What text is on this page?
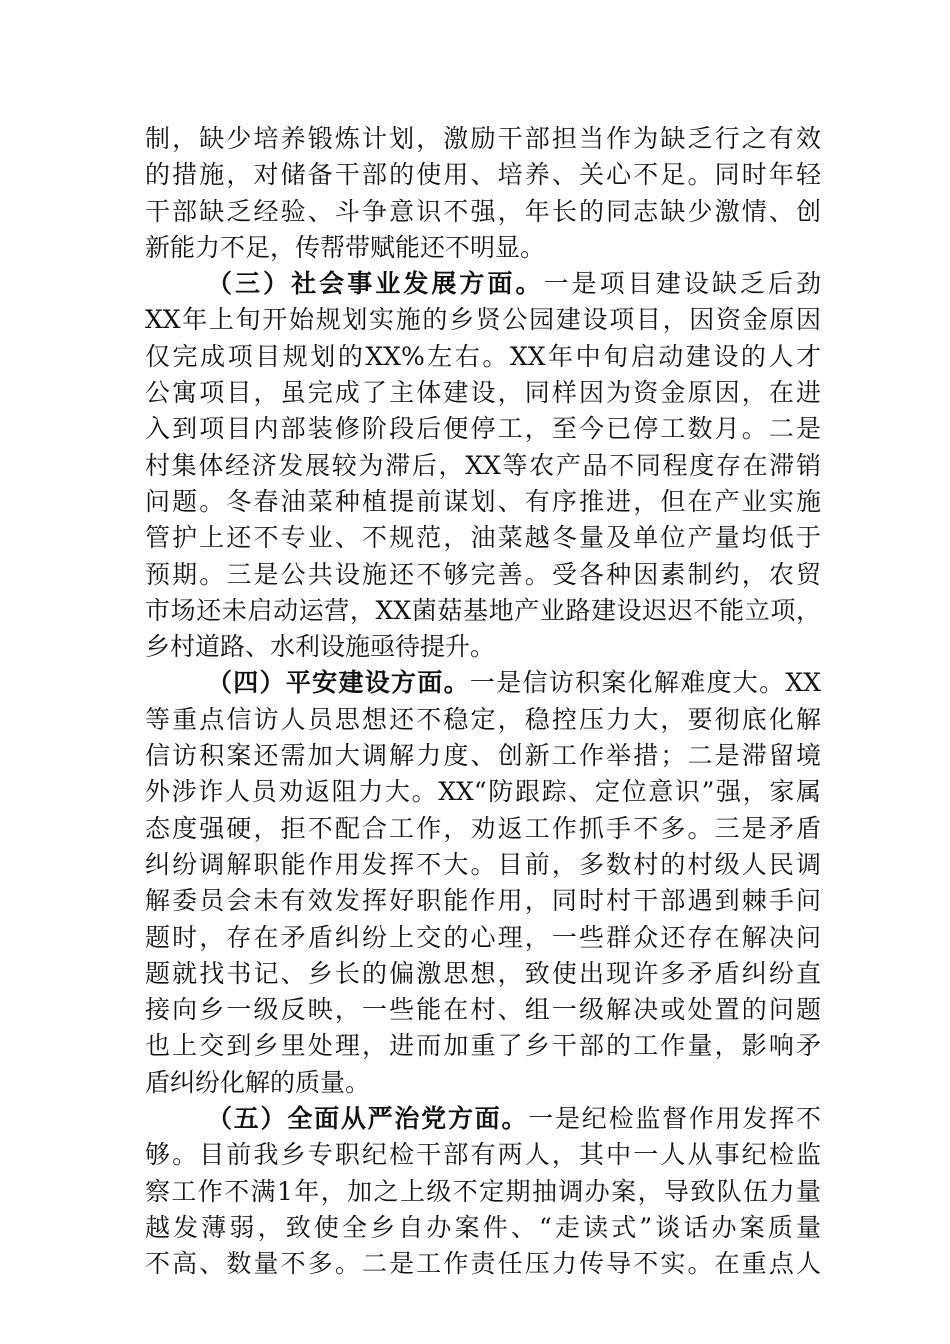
制，缺少培养锻炼计划，激励干部担当作为缺乏行之有效
的措施，对储备干部的使用、培养、关心不足。同时年轻
干部缺乏经验、斗争意识不强，年长的同志缺少激情、创
新能力不足，传帮带赋能还不明显。
（三）社会事业发展方面。一是项目建设缺乏后劲
XX年上旬开始规划实施的乡贤公园建设项目，因资金原因
仅完成项目规划的XX%左右。XX年中旬启动建设的人才
公寓项目，虽完成了主体建设，同样因为资金原因，在进
入到项目内部装修阶段后便停工，至今已停工数月。二是
村集体经济发展较为滞后，XX等农产品不同程度存在滞销
问题。冬春油菜种植提前谋划、有序推进，但在产业实施
管护上还不专业、不规范，油菜越冬量及单位产量均低于
预期。三是公共设施还不够完善。受各种因素制约，农贸
市场还未启动运营，XX菌菇基地产业路建设迟迟不能立项，
乡村道路、水利设施亟待提升。
（四）平安建设方面。一是信访积案化解难度大。XX
等重点信访人员思想还不稳定，稳控压力大，要彻底化解
信访积案还需加大调解力度、创新工作举措；二是滞留境
外涉诈人员劝返阻力大。XX“防跟踪、定位意识”强，家属
态度强硬，拒不配合工作，劝返工作抓手不多。三是矛盾
纠纷调解职能作用发挥不大。目前，多数村的村级人民调
解委员会未有效发挥好职能作用，同时村干部遇到棘手问
题时，存在矛盾纠纷上交的心理，一些群众还存在解决问
题就找书记、乡长的偏激思想，致使出现许多矛盾纠纷直
接向乡一级反映，一些能在村、组一级解决或处置的问题
也上交到乡里处理，进而加重了乡干部的工作量，影响矛
盾纠纷化解的质量。
（五）全面从严治党方面。一是纪检监督作用发挥不
够。目前我乡专职纪检干部有两人，其中一人从事纪检监
察工作不满1年，加之上级不定期抽调办案，导致队伍力量
越发薄弱，致使全乡自办案件、“走读式”谈话办案质量
不高、数量不多。二是工作责任压力传导不实。在重点人
